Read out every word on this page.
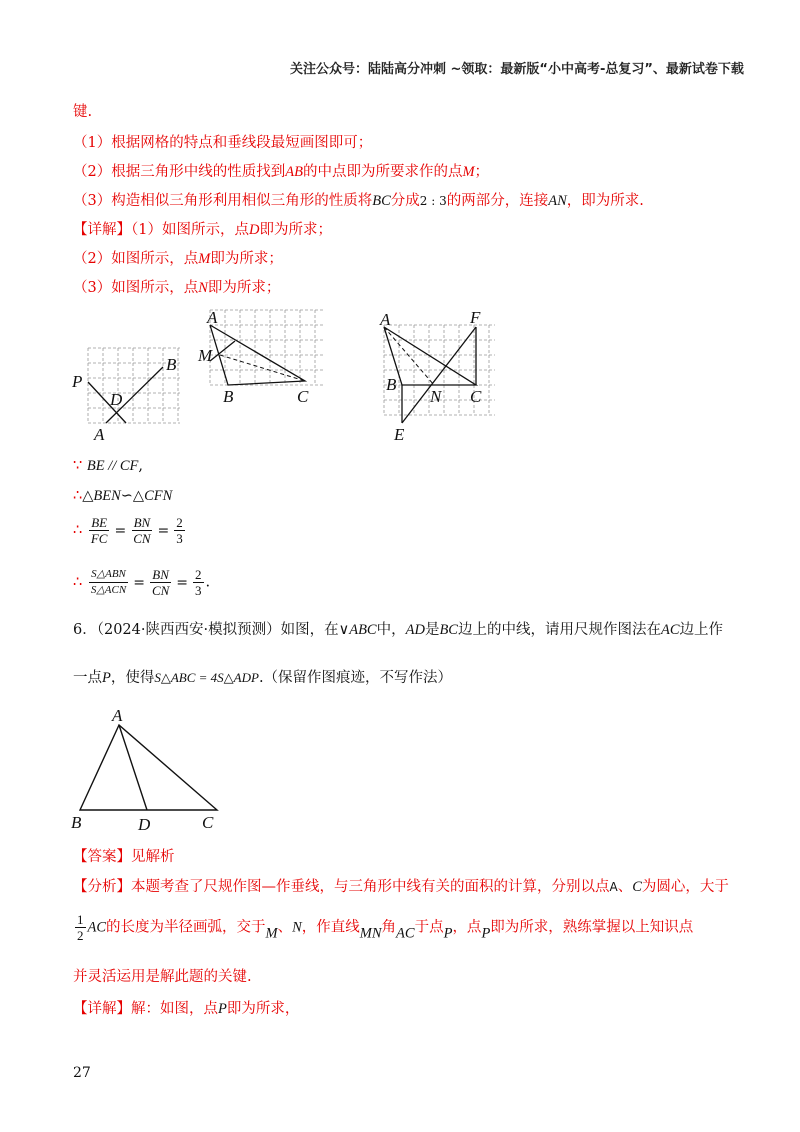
关注公众号：陆陆高分冲刺 ~领取：最新版“小中高考-总复习”、最新试卷下载
键.
（1）根据网格的特点和垂线段最短画图即可；
（2）根据三角形中线的性质找到AB的中点即为所要求作的点M；
（3）构造相似三角形利用相似三角形的性质将BC分成2 : 3的两部分，连接AN，即为所求.
【详解】（1）如图所示，点D即为所求；
（2）如图所示，点M即为所求；
（3）如图所示，点N即为所求；
P
B
D
A
A
M
B	C
A	F
B
N C
E
∵ BE // CF,
∴△BEN∽△CFN
∴ $\frac{BE}{FC} = \frac{BN}{CN} = \frac{2}{3}$
∴ $\frac{\text{S△ABN}}{\text{S△ACN}} = \frac{BN}{CN} = \frac{2}{3}$ .
6．（2024·陕西西安·模拟预测）如图，在∨ABC中，AD是BC边上的中线，请用尺规作图法在AC边上作
一点P，使得S△ABC = 4S△ADP.（保留作图痕迹，不写作法）
A
B	D	C
【答案】见解析
【分析】本题考查了尺规作图—作垂线，与三角形中线有关的面积的计算，分别以点A、C为圆心，大于
$\frac{1}{2}$ AC的长度为半径画弧，交于M、N，作直线MN角AC于点P，点P即为所求，熟练掌握以上知识点
并灵活运用是解此题的关键.
【详解】解：如图，点P即为所求，
27
